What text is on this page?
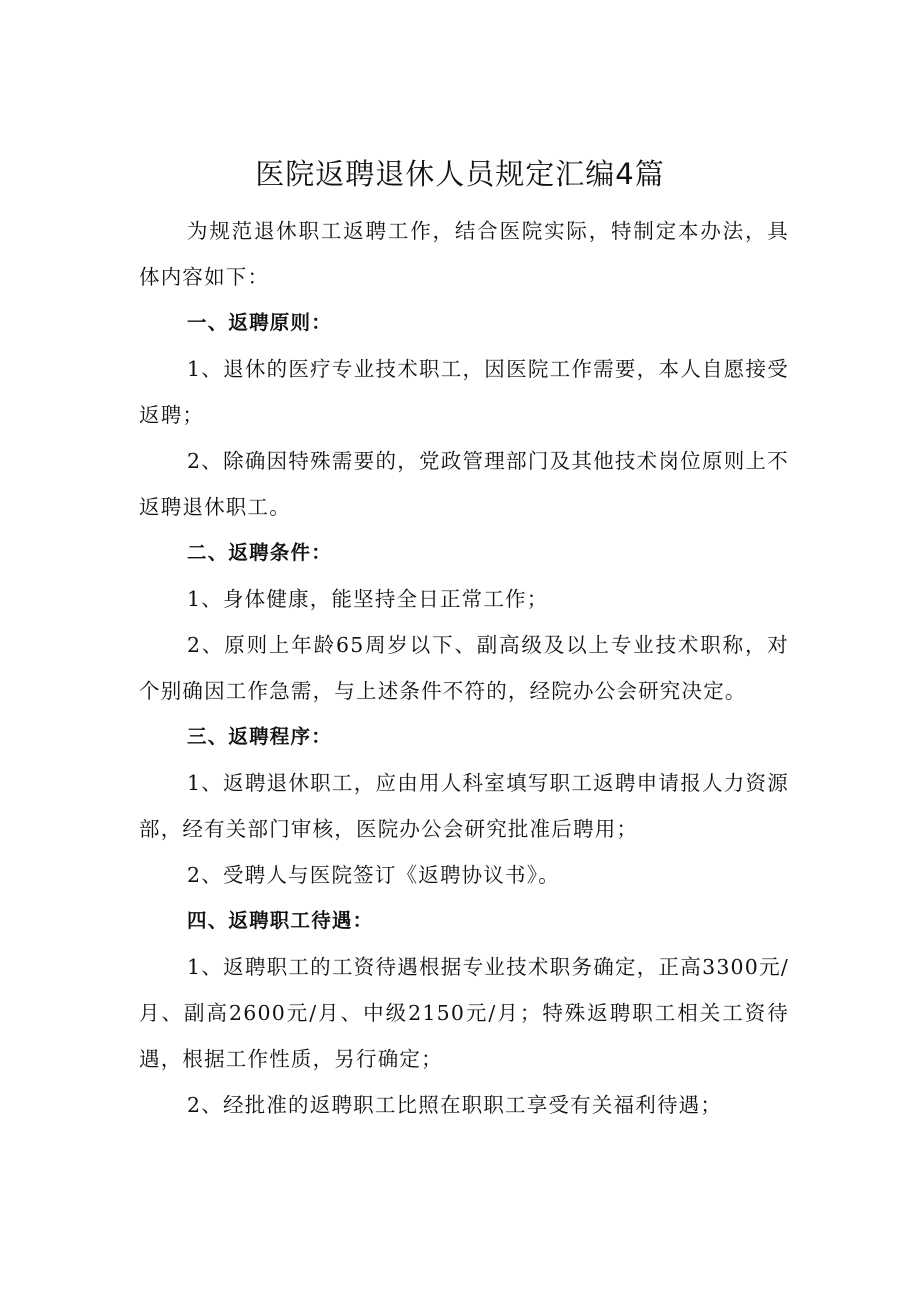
医院返聘退休人员规定汇编4篇

为规范退休职工返聘工作，结合医院实际，特制定本办法，具体内容如下：

一、返聘原则：

1、退休的医疗专业技术职工，因医院工作需要，本人自愿接受返聘；

2、除确因特殊需要的，党政管理部门及其他技术岗位原则上不返聘退休职工。

二、返聘条件：

1、身体健康，能坚持全日正常工作；

2、原则上年龄65周岁以下、副高级及以上专业技术职称，对个别确因工作急需，与上述条件不符的，经院办公会研究决定。

三、返聘程序：

1、返聘退休职工，应由用人科室填写职工返聘申请报人力资源部，经有关部门审核，医院办公会研究批准后聘用；

2、受聘人与医院签订《返聘协议书》。

四、返聘职工待遇：

1、返聘职工的工资待遇根据专业技术职务确定，正高3300元/月、副高2600元/月、中级2150元/月；特殊返聘职工相关工资待遇，根据工作性质，另行确定；

2、经批准的返聘职工比照在职职工享受有关福利待遇；
